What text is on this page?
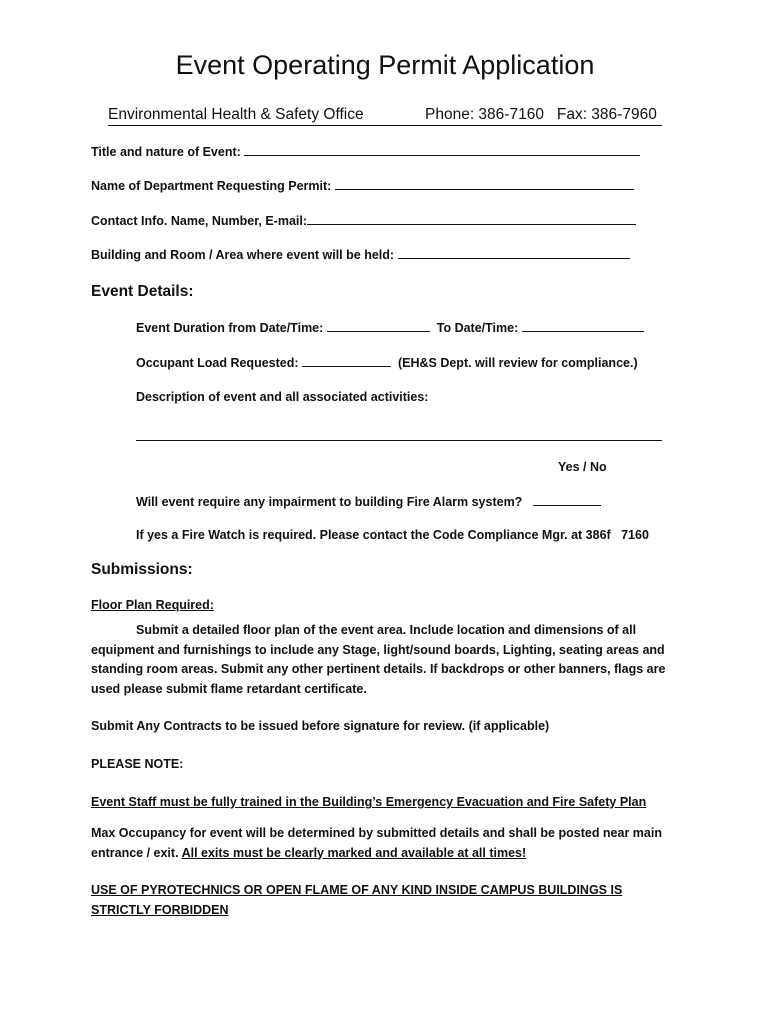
Event Operating Permit Application
Environmental Health & Safety Office	Phone: 386-7160   Fax: 386-7960
Title and nature of Event:
Name of Department Requesting Permit:
Contact Info. Name, Number, E-mail:
Building and Room / Area where event will be held:
Event Details:
Event Duration from Date/Time:	To Date/Time:
Occupant Load Requested:	(EH&S Dept. will review for compliance.)
Description of event and all associated activities:
Yes / No
Will event require any impairment to building Fire Alarm system?
If yes a Fire Watch is required. Please contact the Code Compliance Mgr. at 386f   7160
Submissions:
Floor Plan Required:
Submit a detailed floor plan of the event area. Include location and dimensions of all equipment and furnishings to include any Stage, light/sound boards, Lighting, seating areas and standing room areas. Submit any other pertinent details. If backdrops or other banners, flags are used please submit flame retardant certificate.
Submit Any Contracts to be issued before signature for review. (if applicable)
PLEASE NOTE:
Event Staff must be fully trained in the Building’s Emergency Evacuation and Fire Safety Plan
Max Occupancy for event will be determined by submitted details and shall be posted near main entrance / exit. All exits must be clearly marked and available at all times!
USE OF PYROTECHNICS OR OPEN FLAME OF ANY KIND INSIDE CAMPUS BUILDINGS IS STRICTLY FORBIDDEN
